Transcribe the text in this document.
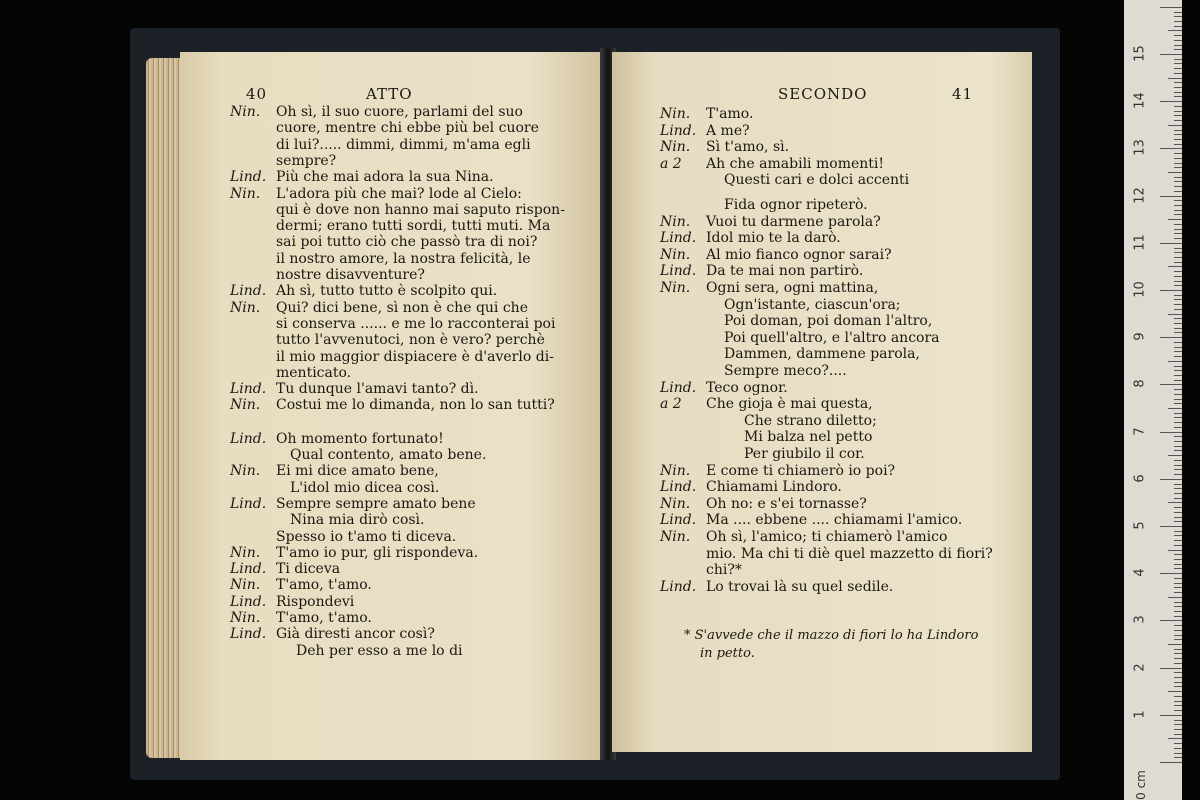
40	ATTO
Nin. Oh sì, il suo cuore, parlami del suo
cuore, mentre chi ebbe più bel cuore
di lui?..... dimmi, dimmi, m'ama egli
sempre?
Lind. Più che mai adora la sua Nina.
Nin. L'adora più che mai? lode al Cielo:
qui è dove non hanno mai saputo rispon-
dermi; erano tutti sordi, tutti muti. Ma
sai poi tutto ciò che passò tra di noi?
il nostro amore, la nostra felicità, le
nostre disavventure?
Lind. Ah sì, tutto tutto è scolpito qui.
Nin. Qui? dici bene, sì non è che qui che
si conserva ...... e me lo racconterai poi
tutto l'avvenutoci, non è vero? perchè
il mio maggior dispiacere è d'averlo di-
menticato.
Lind. Tu dunque l'amavi tanto? dì.
Nin. Costui me lo dimanda, non lo san tutti?
Lind. Oh momento fortunato!
Qual contento, amato bene.
Nin. Ei mi dice amato bene,
L'idol mio dicea così.
Lind. Sempre sempre amato bene
Nina mia dirò così.
Spesso io t'amo ti diceva.
Nin. T'amo io pur, gli rispondeva.
Lind. Ti diceva
Nin. T'amo, t'amo.
Lind. Rispondevi
Nin. T'amo, t'amo.
Lind. Già diresti ancor così?
Deh per esso a me lo di
SECONDO	41
Nin. T'amo.
Lind. A me?
Nin. Sì t'amo, sì.
a 2 Ah che amabili momenti!
Questi cari e dolci accenti
Fida ognor ripeterò.
Nin. Vuoi tu darmene parola?
Lind. Idol mio te la darò.
Nin. Al mio fianco ognor sarai?
Lind. Da te mai non partirò.
Nin. Ogni sera, ogni mattina,
Ogn'istante, ciascun'ora;
Poi doman, poi doman l'altro,
Poi quell'altro, e l'altro ancora
Dammen, dammene parola,
Sempre meco?....
Lind. Teco ognor.
a 2 Che gioja è mai questa,
Che strano diletto;
Mi balza nel petto
Per giubilo il cor.
Nin. E come ti chiamerò io poi?
Lind. Chiamami Lindoro.
Nin. Oh no: e s'ei tornasse?
Lind. Ma .... ebbene .... chiamami l'amico.
Nin. Oh sì, l'amico; ti chiamerò l'amico
mio. Ma chi ti diè quel mazzetto di fiori?
chi?*
Lind. Lo trovai là su quel sedile.
* S'avvede che il mazzo di fiori lo ha Lindoro
in petto.
1
2
3
4
5
6
7
8
9
10
11
12
13
14
15
0 cm
